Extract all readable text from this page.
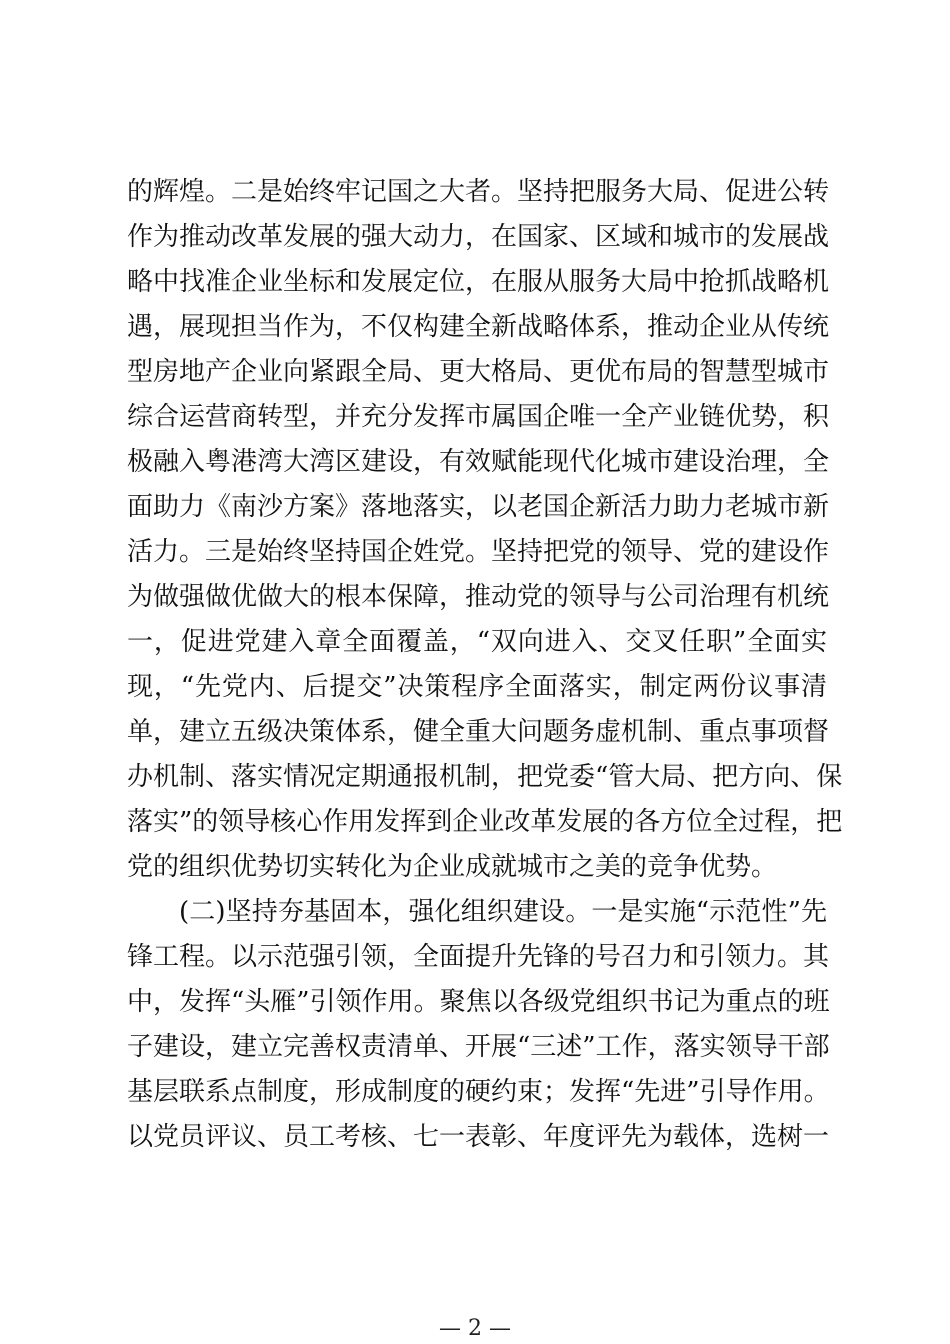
的辉煌。二是始终牢记国之大者。坚持把服务大局、促进公转
作为推动改革发展的强大动力，在国家、区域和城市的发展战
略中找准企业坐标和发展定位，在服从服务大局中抢抓战略机
遇，展现担当作为，不仅构建全新战略体系，推动企业从传统
型房地产企业向紧跟全局、更大格局、更优布局的智慧型城市
综合运营商转型，并充分发挥市属国企唯一全产业链优势，积
极融入粤港湾大湾区建设，有效赋能现代化城市建设治理，全
面助力《南沙方案》落地落实，以老国企新活力助力老城市新
活力。三是始终坚持国企姓党。坚持把党的领导、党的建设作
为做强做优做大的根本保障，推动党的领导与公司治理有机统
一，促进党建入章全面覆盖，“双向进入、交叉任职”全面实
现，“先党内、后提交”决策程序全面落实，制定两份议事清
单，建立五级决策体系，健全重大问题务虚机制、重点事项督
办机制、落实情况定期通报机制，把党委“管大局、把方向、保
落实”的领导核心作用发挥到企业改革发展的各方位全过程，把
党的组织优势切实转化为企业成就城市之美的竞争优势。
(二)坚持夯基固本，强化组织建设。一是实施“示范性”先
锋工程。以示范强引领，全面提升先锋的号召力和引领力。其
中，发挥“头雁”引领作用。聚焦以各级党组织书记为重点的班
子建设，建立完善权责清单、开展“三述”工作，落实领导干部
基层联系点制度，形成制度的硬约束；发挥“先进”引导作用。
以党员评议、员工考核、七一表彰、年度评先为载体，选树一
— 2 —
